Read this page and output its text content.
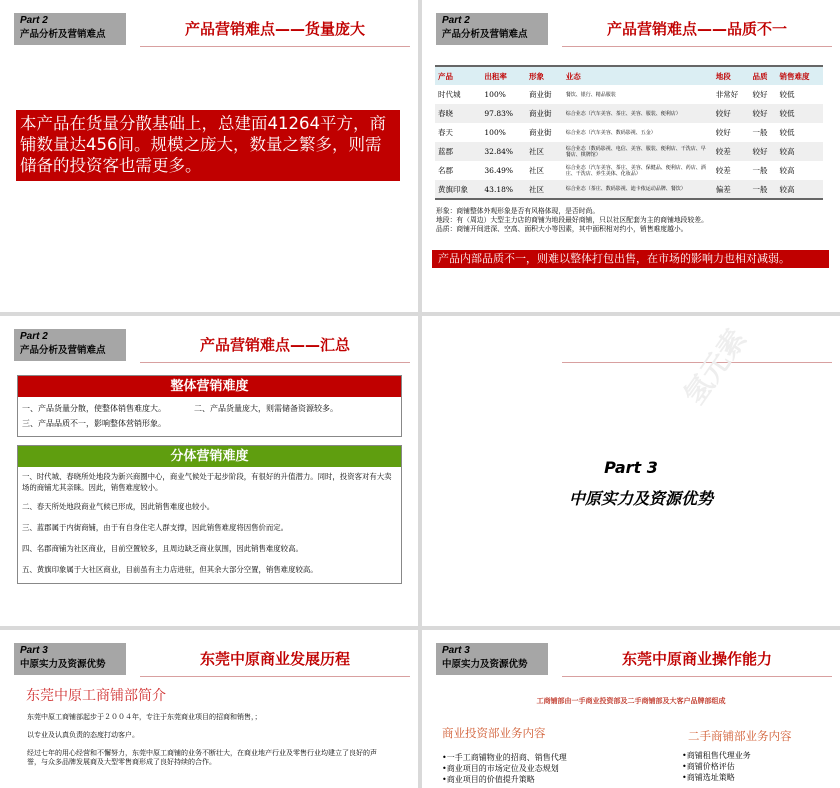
Part 2
产品分析及营销难点	产品营销难点——货量庞大
本产品在货量分散基础上，总建面41264平方，商铺数量达456间。规模之庞大，数量之繁多，则需储备的投资客也需更多。
Part 2
产品分析及营销难点	产品营销难点——品质不一
产品	出租率	形象	业态	地段	品质	销售难度
时代城	100%	商业街	餐饮、银行、精品服装	非常好	较好	较低
春晓	97.83%	商业街	综合业态（汽车美容、茶庄、美容、服装、便利店）	较好	较好	较低
春天	100%	商业街	综合业态（汽车美容、数码影视、五金）	较好	一般	较低
蓝郡	32.84%	社区	综合业态（数码影视、电信、美容、服装、便利店、干洗店、早餐店、棋牌馆）	较差	较好	较高
名郡	36.49%	社区	综合业态（汽车美容、茶庄、美容、保健品、便利店、药店、酒庄、干洗店、养生美体、化妆品）	较差	一般	较高
黄旗印象	43.18%	社区	综合业态（茶庄、数码影视、迪卡侬运动品牌、餐饮）	偏差	一般	较高
形象：商铺整体外观形象是否有风格体现，是否时尚。
地段：有（周边）大型主力店的商铺为地段最好商铺，只以社区配套为主的商铺地段较差。
品质：商铺开间进深、空高、面积大小等因素，其中面积相对约小，销售难度越小。
产品内部品质不一，则难以整体打包出售，在市场的影响力也相对减弱。
Part 2
产品分析及营销难点	产品营销难点——汇总
整体营销难度
一、产品货量分散，使整体销售难度大。	二、产品货量庞大，则需储备资源较多。
三、产品品质不一，影响整体营销形象。
分体营销难度
一、时代城、春晓所处地段为新兴商圈中心，商业气候处于起步阶段，有很好的升值潜力。同时，投资客对有大卖场的商铺尤其亲睐。因此，销售难度较小。
二、春天所处地段商业气候已形成，因此销售难度也较小。
三、蓝郡属于内街商铺，由于有自身住宅人群支撑，因此销售难度将因售价而定。
四、名郡商铺为社区商业，目前空置较多，且周边缺乏商业氛围，因此销售难度较高。
五、黄旗印象属于大社区商业，目前虽有主力店进驻，但其余大部分空置，销售难度较高。
氢元素
Part 3
中原实力及资源优势
Part 3
中原实力及资源优势	东莞中原商业发展历程
东莞中原工商铺部简介
东莞中原工商铺部起步于２００４年，专注于东莞商业项目的招商和销售，；
以专业及认真负责的态度打动客户。
经过七年的用心经营和不懈努力，东莞中原工商铺的业务不断壮大，在商业地产行业及零售行业均建立了良好的声誉，与众多品牌发展商及大型零售商形成了良好持续的合作。
Part 3
中原实力及资源优势	东莞中原商业操作能力
工商铺部由一手商业投资部及二手商铺部及大客户品牌部组成
商业投资部业务内容
•一手工商铺物业的招商、销售代理
•商业项目的市场定位及业态规划
•商业项目的价值提升策略
二手商铺部业务内容
•商铺租售代理业务
•商铺价格评估
•商铺选址策略
